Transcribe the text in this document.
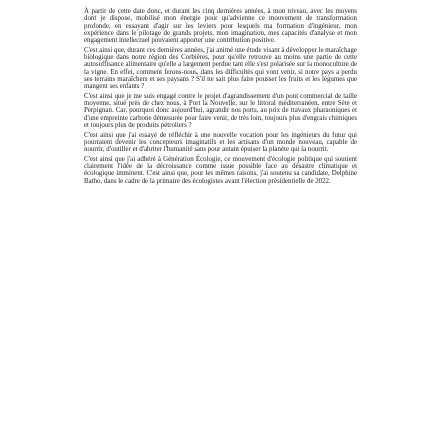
À partir de cette date donc, et durant les cinq dernières années, à mon niveau, avec les moyens dont je dispose, mobilisé mon énergie pour qu'advienne ce mouvement de transformation profonde, en essayant d'agir sur les leviers pour lesquels ma formation d'ingénieur, mon expérience dans le pilotage de grands projets, mon imagination, mes capacités d'analyse et mon engagement intellectuel pouvaient apporter une contribution positive.

C'est ainsi que, durant ces dernières années, j'ai animé une étude visant à développer le maraîchage biologique dans notre région des Corbières, pour qu'elle retrouve au moins une partie de cette autosuffisance alimentaire qu'elle a largement perdue tant elle s'est polarisée sur la monoculture de la vigne. En effet, comment ferons-nous, dans les difficultés qui vont venir, si notre pays a perdu ses terrains maraîchers et ses paysans ? S'il ne sait plus faire pousser les fruits et les légumes que mangent ses enfants ?

C'est ainsi que je me suis engagé contre le projet d'agrandissement d'un pont commercial de taille moyenne, situé près de chez nous, à Port la Nouvelle, sur le littoral méditerranéen, entre Sète et Perpignan. Car, pourquoi donc aujourd'hui, agrandir nos ports, au prix de travaux pharaoniques et d'une empreinte carbone démesurée pour faire venir, de très loin, toujours plus d'engrais chimiques et toujours plus de produits pétroliers ?

C'est ainsi que j'ai essayé de réfléchir à une nouvelle vocation pour les ingénieurs du futur qui pourraient devenir les concepteurs imaginatifs et les artisans d'un monde nouveau, capable de nourrir, d'outiller et d'abriter l'humanité sans pour autant épuiser la planète qui la nourrit.

C'est ainsi que j'ai adhéré à Génération Écologie, ce mouvement d'écologie politique qui soutient clairement l'idée de la décroissance comme issue possible face au désastre climatique et écologique imminent. C'est ainsi que, pour les mêmes raisons, j'ai soutenu sa candidate, Delphine Batho, dans le cadre de la primaire des écologistes avant l'élection présidentielle de 2022.
